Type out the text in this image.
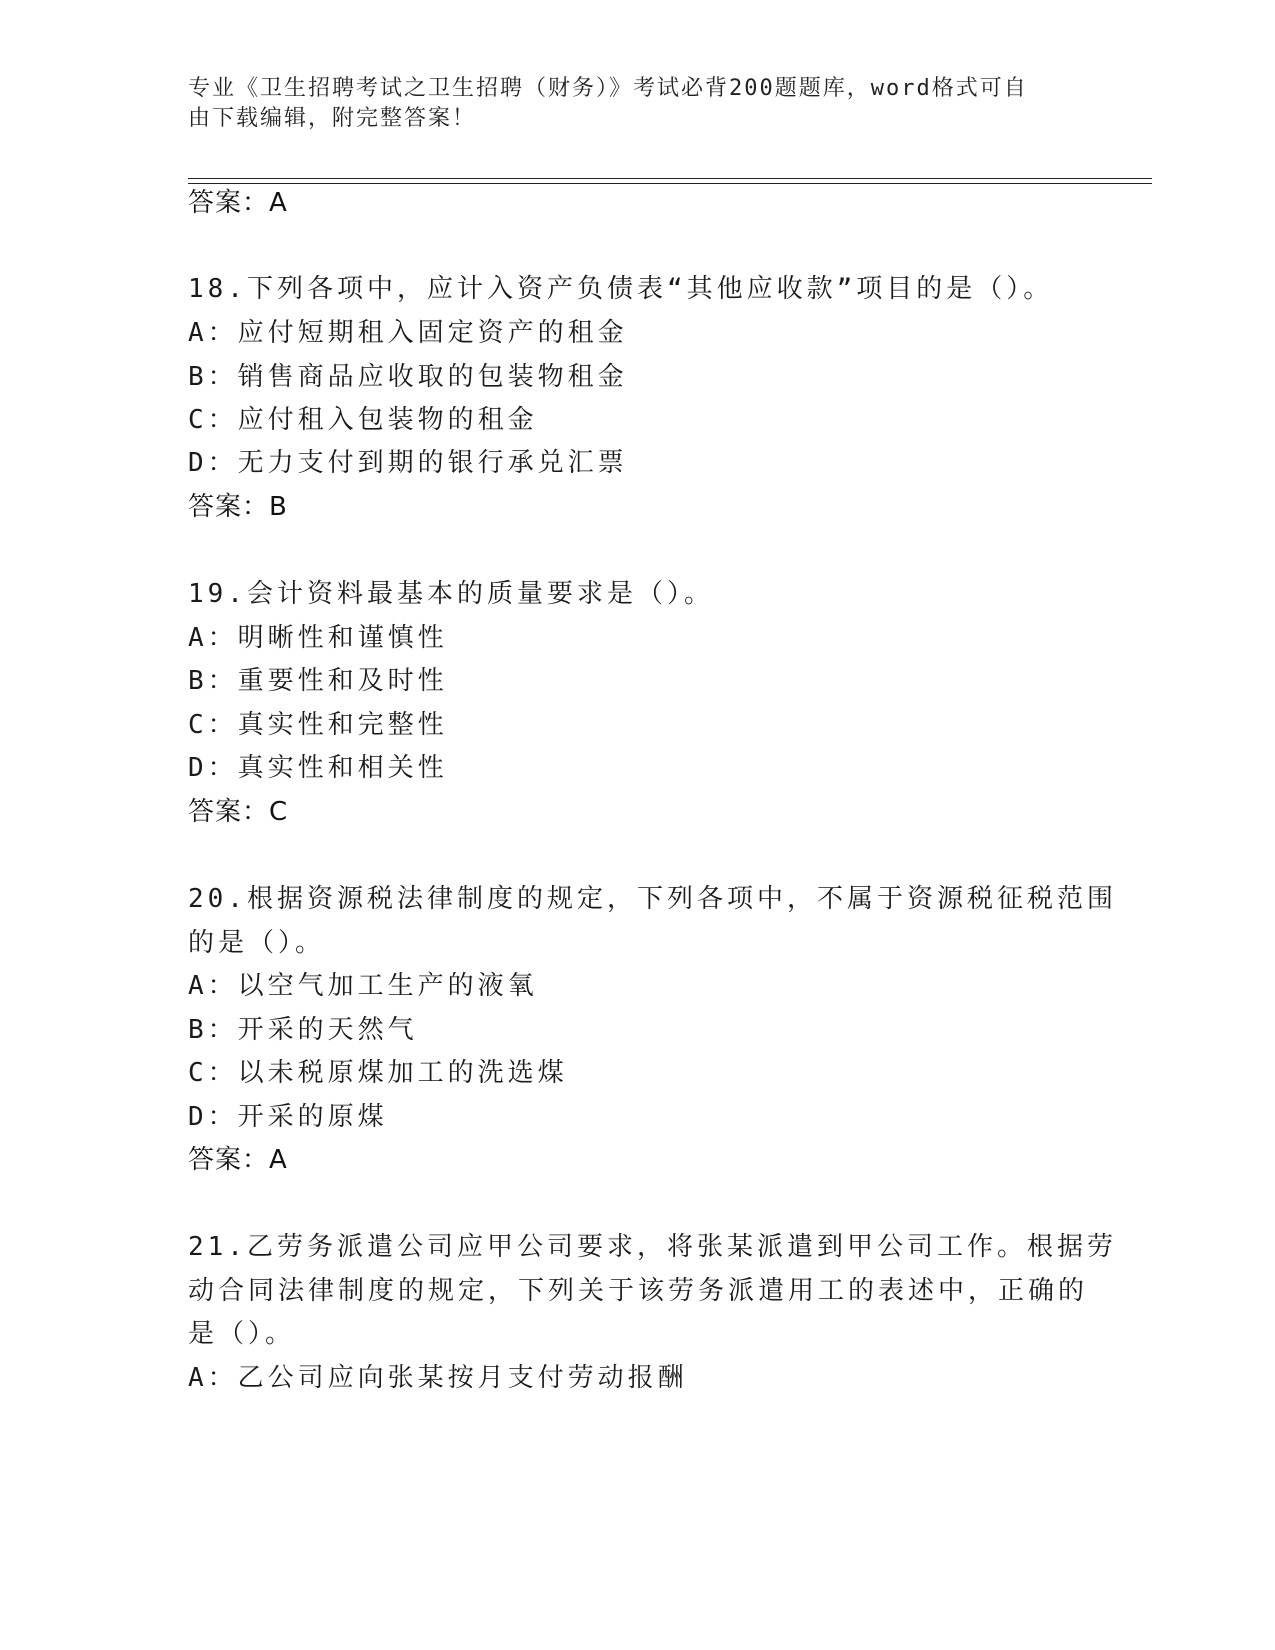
专业《卫生招聘考试之卫生招聘（财务）》考试必背200题题库，word格式可自
由下载编辑，附完整答案！
答案：A
18.下列各项中，应计入资产负债表“其他应收款”项目的是（）。
A：应付短期租入固定资产的租金
B：销售商品应收取的包装物租金
C：应付租入包装物的租金
D：无力支付到期的银行承兑汇票
答案：B
19.会计资料最基本的质量要求是（）。
A：明晰性和谨慎性
B：重要性和及时性
C：真实性和完整性
D：真实性和相关性
答案：C
20.根据资源税法律制度的规定，下列各项中，不属于资源税征税范围
的是（）。
A：以空气加工生产的液氧
B：开采的天然气
C：以未税原煤加工的洗选煤
D：开采的原煤
答案：A
21.乙劳务派遣公司应甲公司要求，将张某派遣到甲公司工作。根据劳
动合同法律制度的规定，下列关于该劳务派遣用工的表述中，正确的
是（）。
A：乙公司应向张某按月支付劳动报酬
